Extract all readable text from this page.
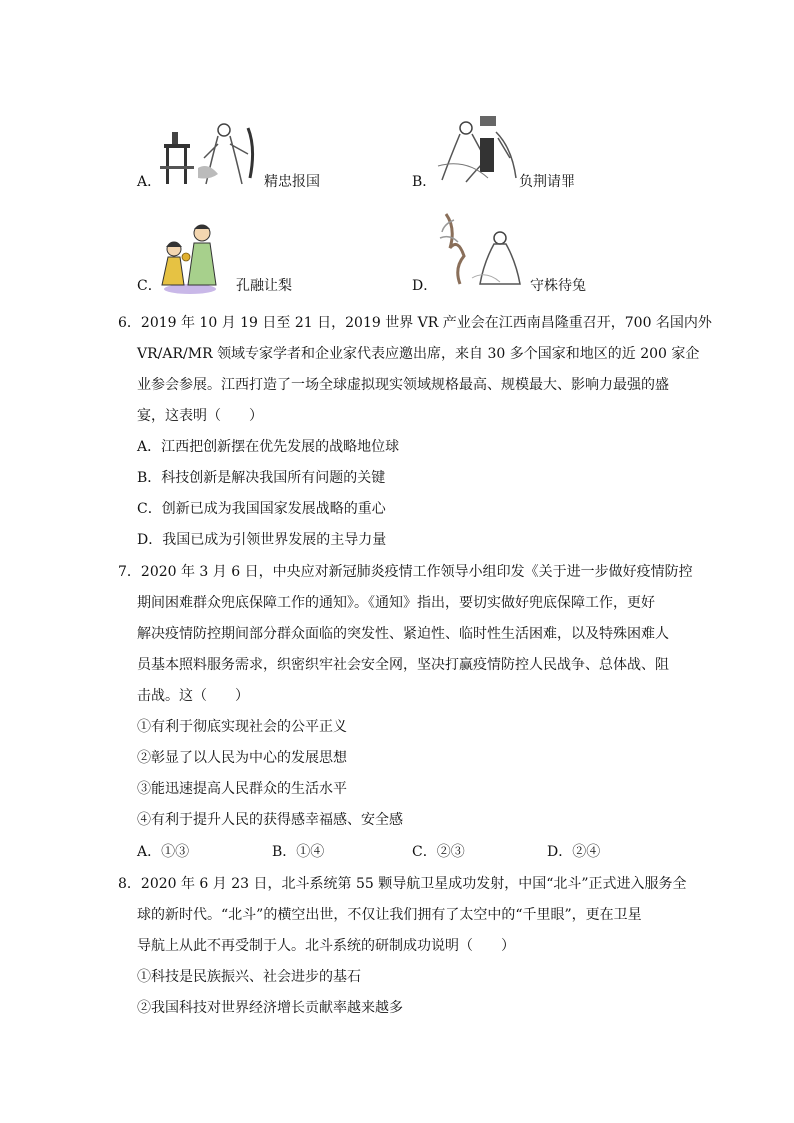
A．	精忠报国	B．	负荆请罪
C．	孔融让梨	D．	守株待兔
6．2019 年 10 月 19 日至 21 日，2019 世界 VR 产业会在江西南昌隆重召开，700 名国内外
VR/AR/MR 领域专家学者和企业家代表应邀出席，来自 30 多个国家和地区的近 200 家企
业参会参展。江西打造了一场全球虚拟现实领域规格最高、规模最大、影响力最强的盛
宴，这表明（　　）
A．江西把创新摆在优先发展的战略地位球
B．科技创新是解决我国所有问题的关键
C．创新已成为我国国家发展战略的重心
D．我国已成为引领世界发展的主导力量
7．2020 年 3 月 6 日，中央应对新冠肺炎疫情工作领导小组印发《关于进一步做好疫情防控
期间困难群众兜底保障工作的通知》。《通知》指出，要切实做好兜底保障工作，更好
解决疫情防控期间部分群众面临的突发性、紧迫性、临时性生活困难，以及特殊困难人
员基本照料服务需求，织密织牢社会安全网，坚决打赢疫情防控人民战争、总体战、阻
击战。这（　　）
①有利于彻底实现社会的公平正义
②彰显了以人民为中心的发展思想
③能迅速提高人民群众的生活水平
④有利于提升人民的获得感幸福感、安全感
A．①③	B．①④	C．②③	D．②④
8．2020 年 6 月 23 日，北斗系统第 55 颗导航卫星成功发射，中国“北斗”正式进入服务全
球的新时代。“北斗”的横空出世，不仅让我们拥有了太空中的“千里眼”，更在卫星
导航上从此不再受制于人。北斗系统的研制成功说明（　　）
①科技是民族振兴、社会进步的基石
②我国科技对世界经济增长贡献率越来越多
